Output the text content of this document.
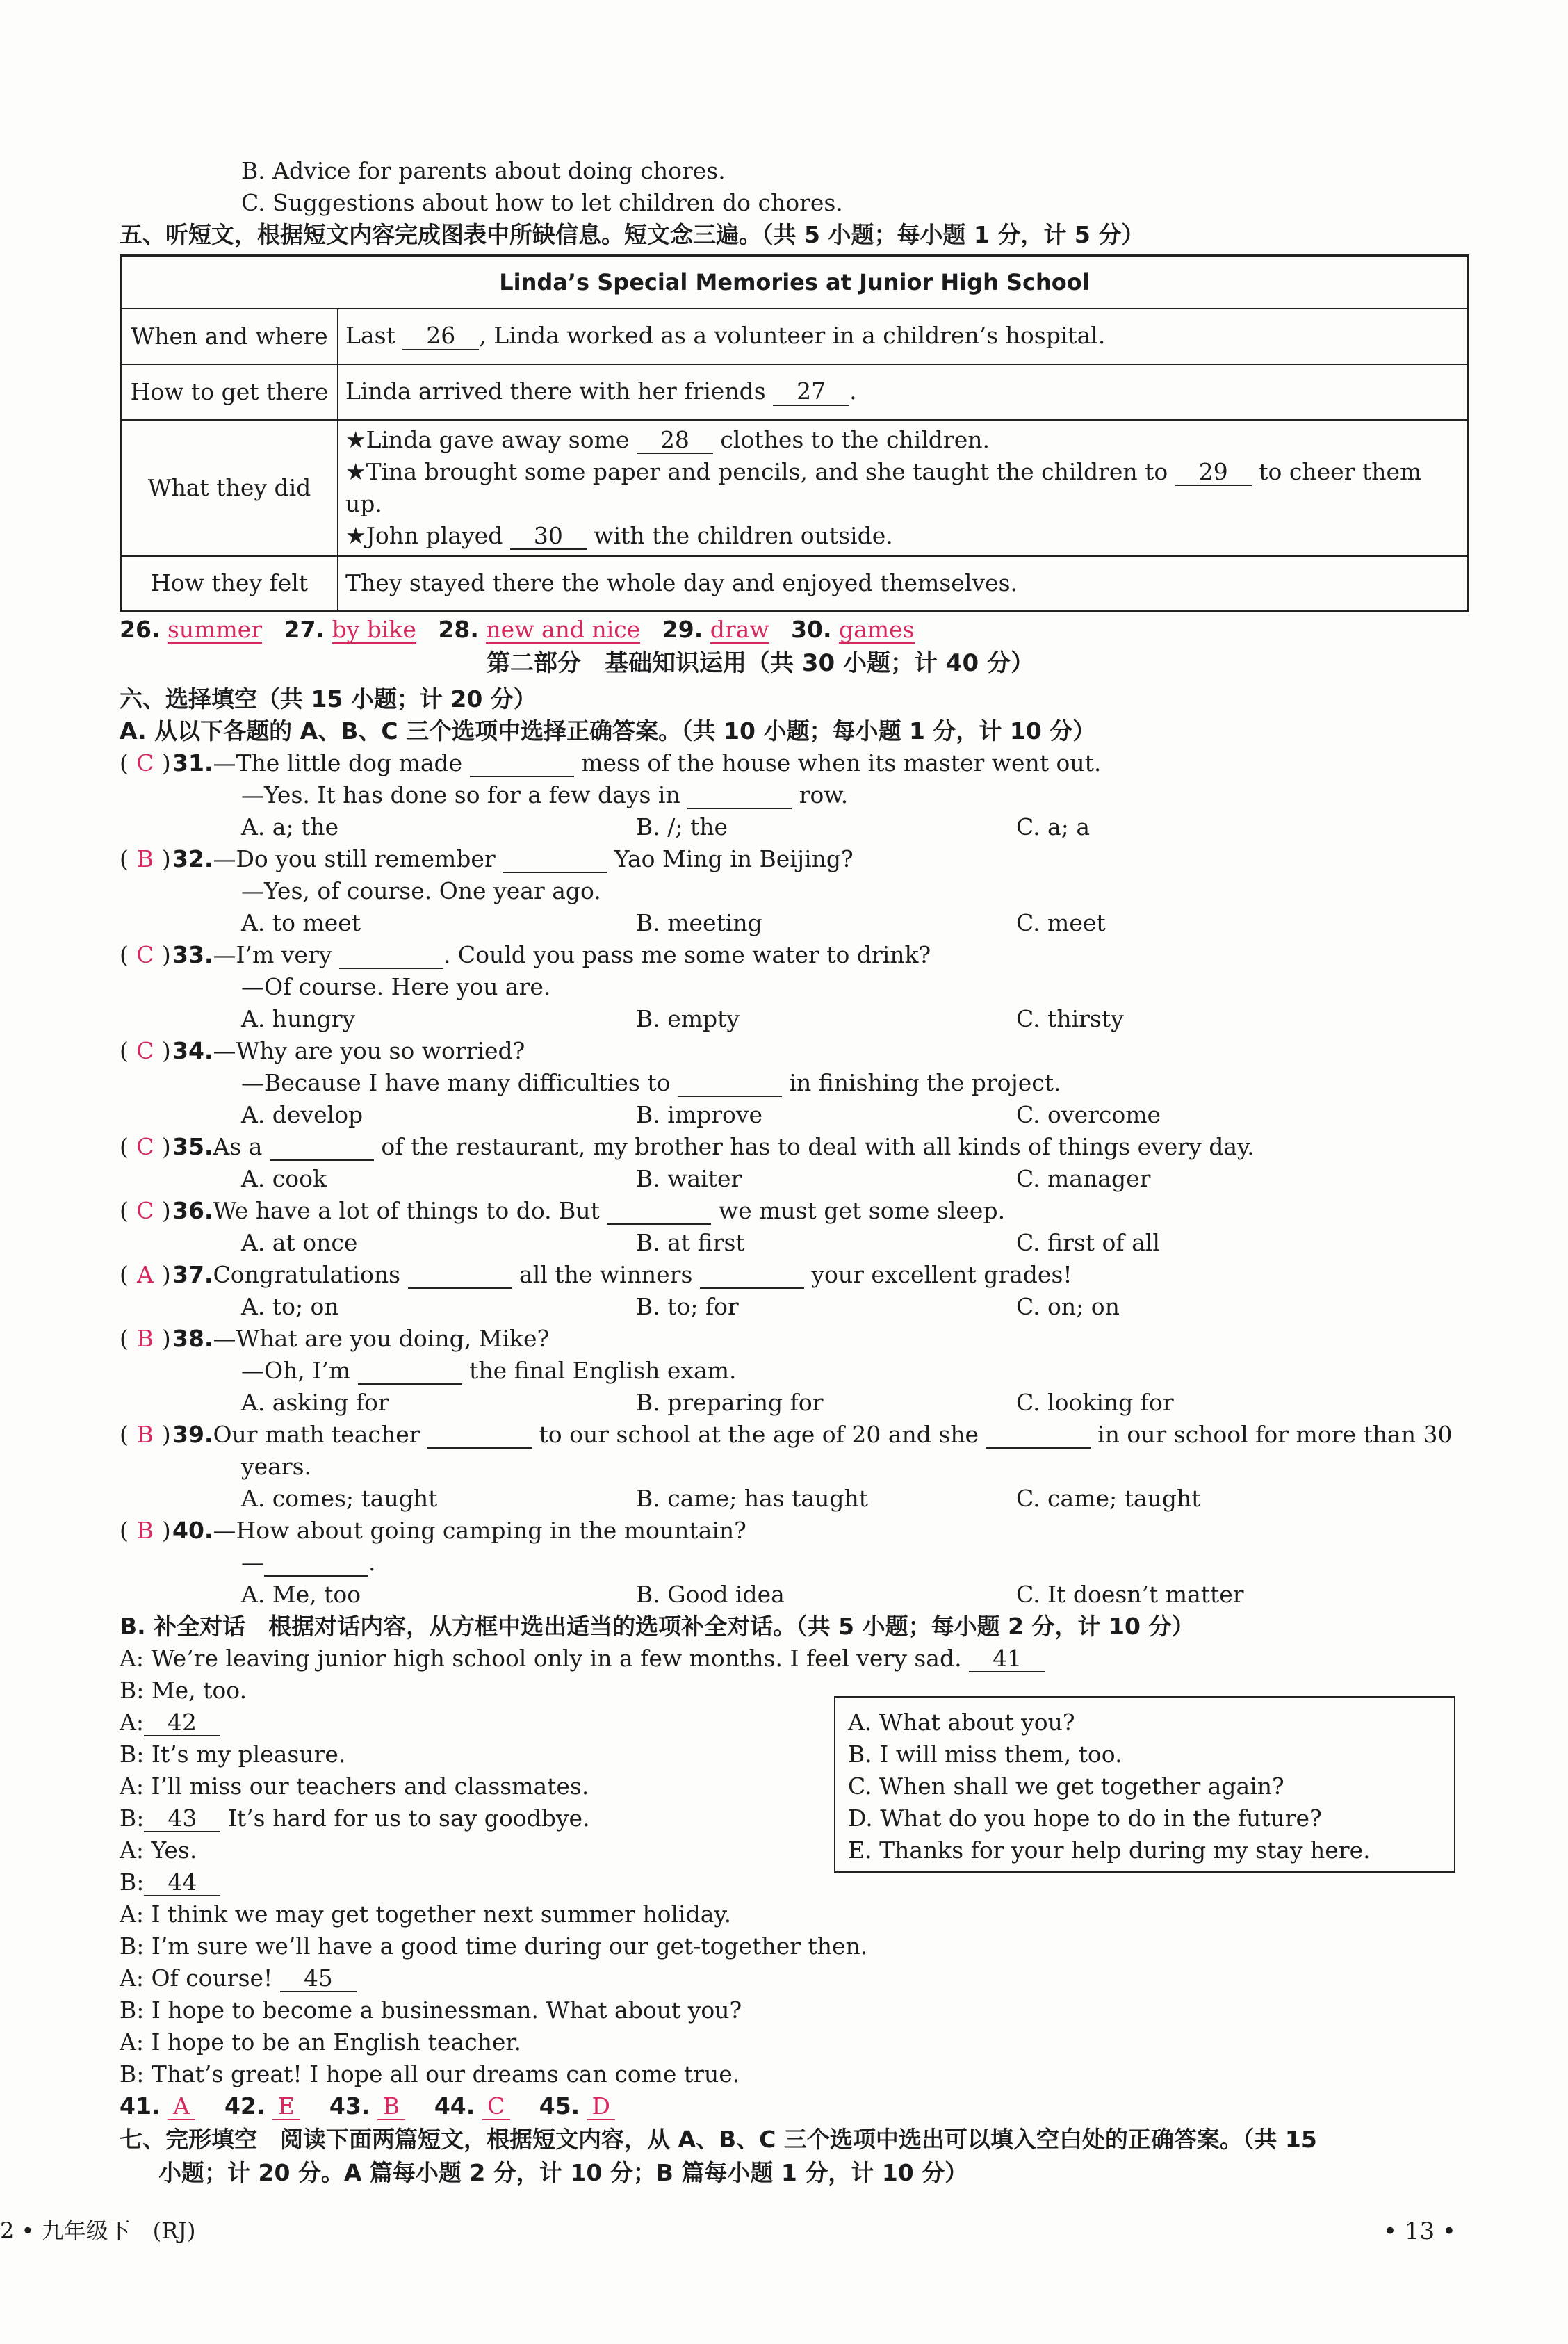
B. Advice for parents about doing chores.
C. Suggestions about how to let children do chores.
五、听短文，根据短文内容完成图表中所缺信息。短文念三遍。（共 5 小题；每小题 1 分，计 5 分）
Linda’s Special Memories at Junior High School	
When and where	Last 26 , Linda worked as a volunteer in a children’s hospital.
How to get there	Linda arrived there with her friends 27 .
What they did	★Linda gave away some 28 clothes to the children.
★Tina brought some paper and pencils, and she taught the children to 29 to cheer them up.
★John played 30 with the children outside.

How they felt	They stayed there the whole day and enjoyed themselves.
26. summer 27. by bike 28. new and nice 29. draw 30. games
第二部分　基础知识运用（共 30 小题；计 40 分）
六、选择填空（共 15 小题；计 20 分）
A. 从以下各题的 A、B、C 三个选项中选择正确答案。（共 10 小题；每小题 1 分，计 10 分）
( C )31.—The little dog made	mess of the house when its master went out.
—Yes. It has done so for a few days in	row.
A. a; the	B. /; the	C. a; a
( B )32.—Do you still remember	Yao Ming in Beijing?
—Yes, of course. One year ago.
A. to meet	B. meeting	C. meet
( C )33.—I’m very	. Could you pass me some water to drink?
—Of course. Here you are.
A. hungry	B. empty	C. thirsty
( C )34.—Why are you so worried?
—Because I have many difficulties to	in finishing the project.
A. develop	B. improve	C. overcome
( C )35.As a	of the restaurant, my brother has to deal with all kinds of things every day.
A. cook	B. waiter	C. manager
( C )36.We have a lot of things to do. But	we must get some sleep.
A. at once	B. at first	C. first of all
( A )37.Congratulations	all the winners	your excellent grades!
A. to; on	B. to; for	C. on; on
( B )38.—What are you doing, Mike?
—Oh, I’m	the final English exam.
A. asking for	B. preparing for	C. looking for
( B )39.Our math teacher	to our school at the age of 20 and she	in our school for more than 30
years.
A. comes; taught	B. came; has taught	C. came; taught
( B )40.—How about going camping in the mountain?
—	.
A. Me, too	B. Good idea	C. It doesn’t matter
B. 补全对话　根据对话内容，从方框中选出适当的选项补全对话。（共 5 小题；每小题 2 分，计 10 分）
A: We’re leaving junior high school only in a few months. I feel very sad. 41
B: Me, too.
A: 42
B: It’s my pleasure.
A: I’ll miss our teachers and classmates.
B: 43 It’s hard for us to say goodbye.
A: Yes.
B: 44
A: I think we may get together next summer holiday.
B: I’m sure we’ll have a good time during our get-together then.
A: Of course! 45
B: I hope to become a businessman. What about you?
A: I hope to be an English teacher.
B: That’s great! I hope all our dreams can come true.
A. What about you?
B. I will miss them, too.
C. When shall we get together again?
D. What do you hope to do in the future?
E. Thanks for your help during my stay here.
41. A 42. E 43. B 44. C 45. D
七、完形填空　阅读下面两篇短文，根据短文内容，从 A、B、C 三个选项中选出可以填入空白处的正确答案。（共 15
小题；计 20 分。A 篇每小题 2 分，计 10 分；B 篇每小题 1 分，计 10 分）
2 • 九年级下　(RJ)	• 13 •
